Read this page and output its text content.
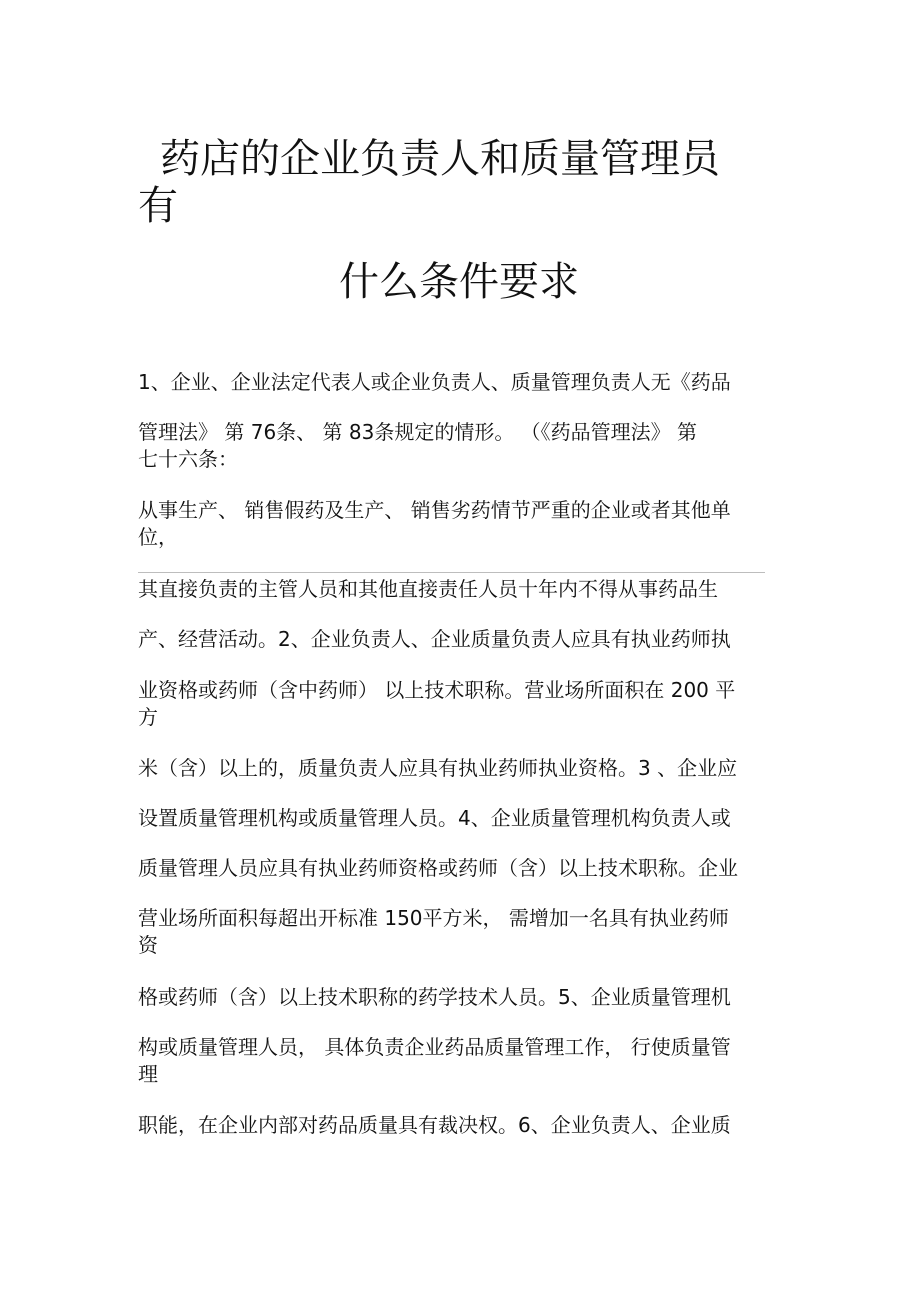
药店的企业负责人和质量管理员
有
什么条件要求
1、企业、企业法定代表人或企业负责人、质量管理负责人无《药品
管理法》 第 76条、 第 83条规定的情形。 （《药品管理法》 第
七十六条：
从事生产、 销售假药及生产、 销售劣药情节严重的企业或者其他单
位，
其直接负责的主管人员和其他直接责任人员十年内不得从事药品生
产、经营活动。2、企业负责人、企业质量负责人应具有执业药师执
业资格或药师（含中药师） 以上技术职称。营业场所面积在 200 平
方
米（含）以上的，质量负责人应具有执业药师执业资格。3 、企业应
设置质量管理机构或质量管理人员。4、企业质量管理机构负责人或
质量管理人员应具有执业药师资格或药师（含）以上技术职称。企业
营业场所面积每超出开标准 150平方米， 需增加一名具有执业药师
资
格或药师（含）以上技术职称的药学技术人员。5、企业质量管理机
构或质量管理人员， 具体负责企业药品质量管理工作， 行使质量管
理
职能，在企业内部对药品质量具有裁决权。6、企业负责人、企业质
